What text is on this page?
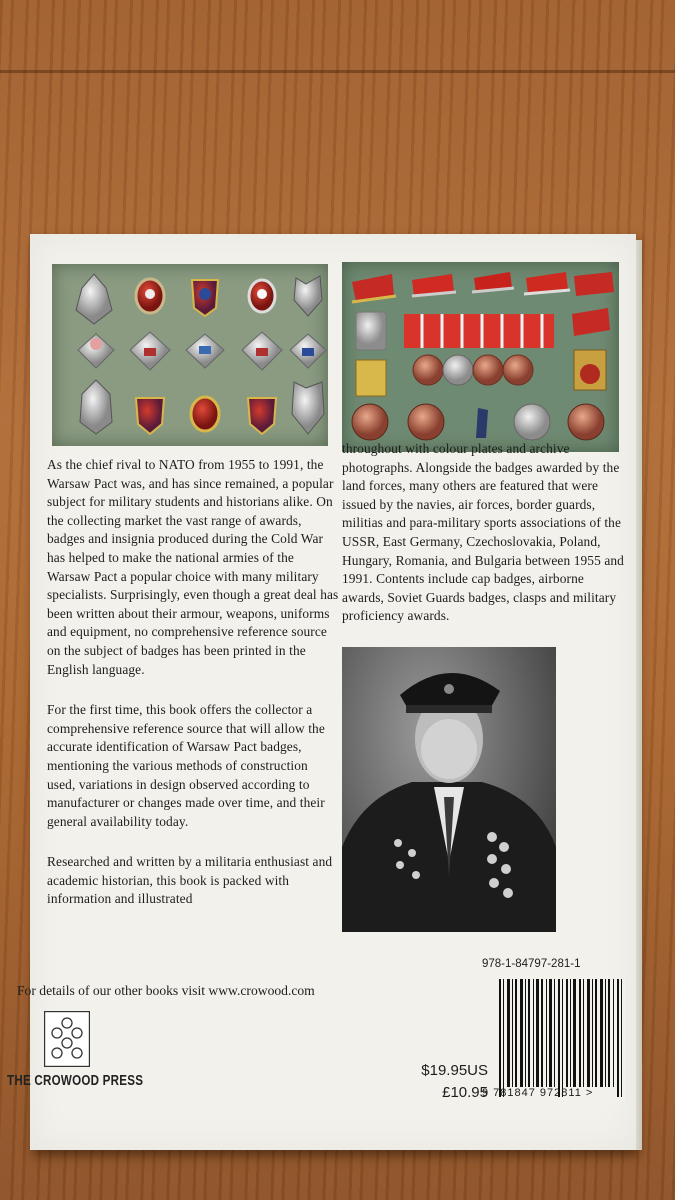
As the chief rival to NATO from 1955 to 1991, the Warsaw Pact was, and has since remained, a popular subject for military students and historians alike. On the collecting market the vast range of awards, badges and insignia produced during the Cold War has helped to make the national armies of the Warsaw Pact a popular choice with many military specialists. Surprisingly, even though a great deal has been written about their armour, weapons, uniforms and equipment, no comprehensive reference source on the subject of badges has been printed in the English language.

For the first time, this book offers the collector a comprehensive reference source that will allow the accurate identification of Warsaw Pact badges, mentioning the various methods of construction used, variations in design observed according to manufacturer or changes made over time, and their general availability today.

Researched and written by a militaria enthusiast and academic historian, this book is packed with information and illustrated

throughout with colour plates and archive photographs. Alongside the badges awarded by the land forces, many others are featured that were issued by the navies, air forces, border guards, militias and para-military sports associations of the USSR, East Germany, Czechoslovakia, Poland, Hungary, Romania, and Bulgaria between 1955 and 1991. Contents include cap badges, airborne awards, Soviet Guards badges, clasps and military proficiency awards.

978-1-84797-281-1
9 781847 972811 >
$19.95US
£10.95
For details of our other books visit www.crowood.com
THE CROWOOD PRESS
